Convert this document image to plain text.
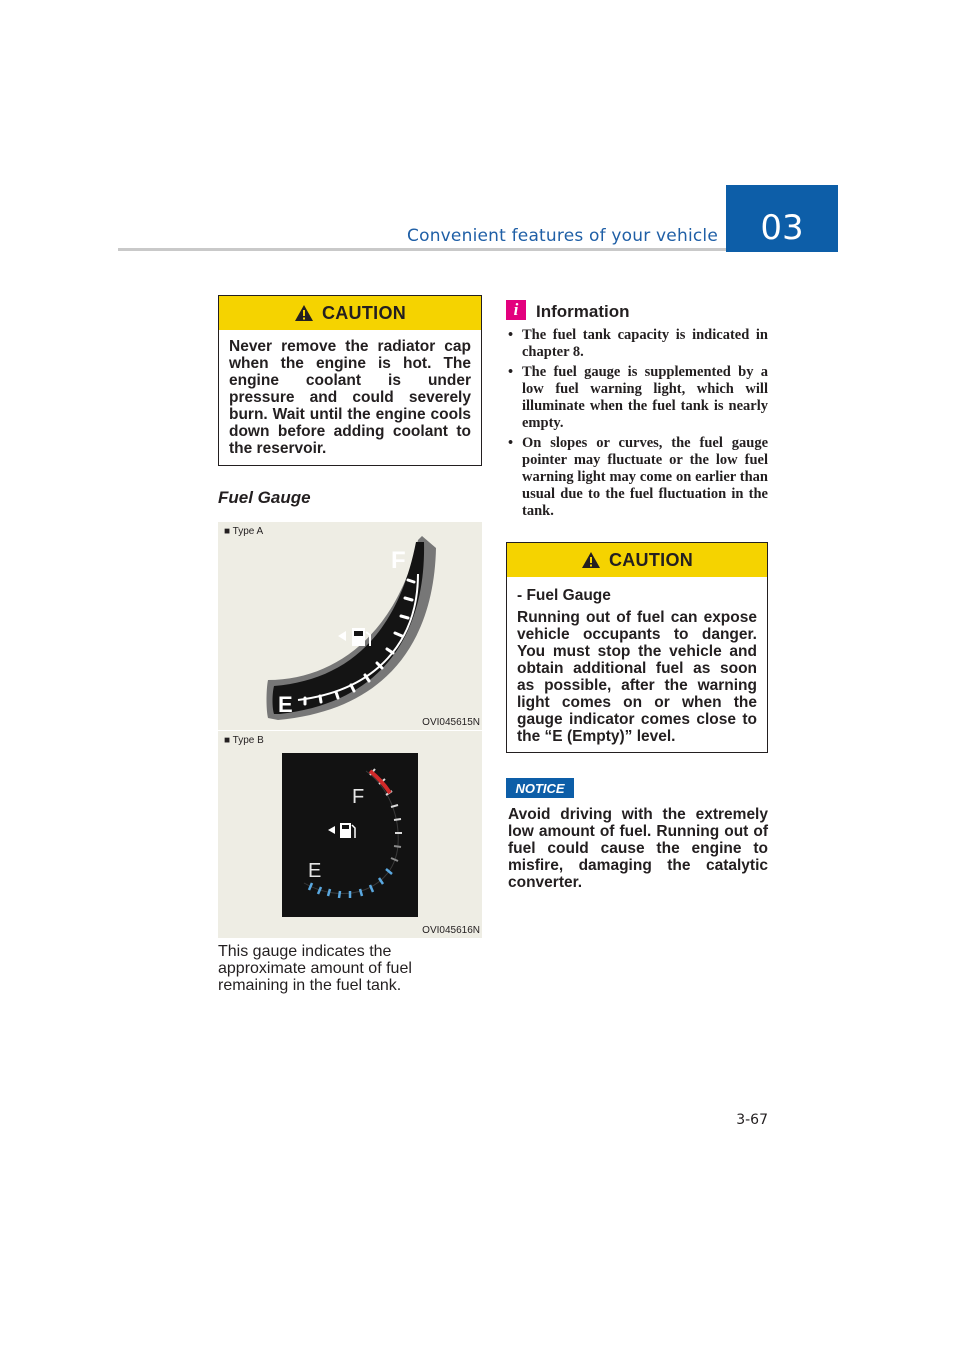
Convenient features of your vehicle 03
CAUTION
Never remove the radiator cap when the engine is hot. The engine coolant is under pressure and could severely burn. Wait until the engine cools down before adding coolant to the reservoir.
Fuel Gauge
■ Type A
F
E
OVI045615N
■ Type B
F
E
OVI045616N
This gauge indicates the approximate amount of fuel remaining in the fuel tank.
i Information
• The fuel tank capacity is indicated in chapter 8.
• The fuel gauge is supplemented by a low fuel warning light, which will illuminate when the fuel tank is nearly empty.
• On slopes or curves, the fuel gauge pointer may fluctuate or the low fuel warning light may come on earlier than usual due to the fuel fluctuation in the tank.
CAUTION
- Fuel Gauge
Running out of fuel can expose vehicle occupants to danger. You must stop the vehicle and obtain additional fuel as soon as possible, after the warning light comes on or when the gauge indicator comes close to the “E (Empty)” level.
NOTICE
Avoid driving with the extremely low amount of fuel. Running out of fuel could cause the engine to misfire, damaging the catalytic converter.
3-67
